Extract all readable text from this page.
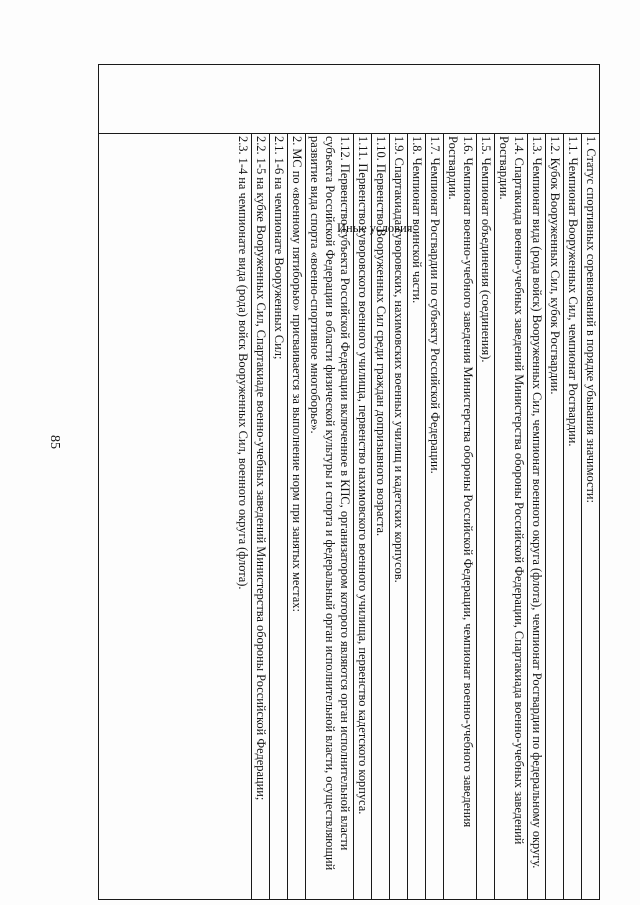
85
Иные условия	1. Статус спортивных соревнований в порядке убывания значимости:
1.1. Чемпионат Вооруженных Сил, чемпионат Росгвардии.
1.2. Кубок Вооруженных Сил, кубок Росгвардии.
1.3. Чемпионат вида (рода войск) Вооруженных Сил, чемпионат военного округа (флота), чемпионат Росгвардии по федеральному округу.
1.4. Спартакиада военно-учебных заведений Министерства обороны Российской Федерации, Спартакиада военно-учебных заведений Росгвардии.
1.5. Чемпионат объединения (соединения).
1.6. Чемпионат военно-учебного заведения Министерства обороны Российской Федерации, чемпионат военно-учебного заведения Росгвардии.
1.7. Чемпионат Росгвардии по субъекту Российской Федерации.
1.8. Чемпионат воинской части.
1.9. Спартакиада суворовских, нахимовских военных училищ и кадетских корпусов.
1.10. Первенство Вооруженных Сил среди граждан допризывного возраста.
1.11. Первенство суворовского военного училища, первенство нахимовского военного училища, первенство кадетского корпуса.
1.12. Первенство субъекта Российской Федерации включенное в КПС, организатором которого являются орган исполнительной власти субъекта Российской Федерации в области физической культуры и спорта и федеральный орган исполнительной власти, осуществляющий развитие вида спорта «военно-спортивное многоборье».
2. МС по «военному пятиборью» присваивается за выполнение норм при занятых местах:
2.1. 1-6 на чемпионате Вооруженных Сил;
2.2. 1-5 на кубке Вооруженных Сил, Спартакиаде военно-учебных заведений Министерства обороны Российской Федерации;
2.3. 1-4 на чемпионате вида (рода) войск Вооруженных Сил, военного округа (флота).
